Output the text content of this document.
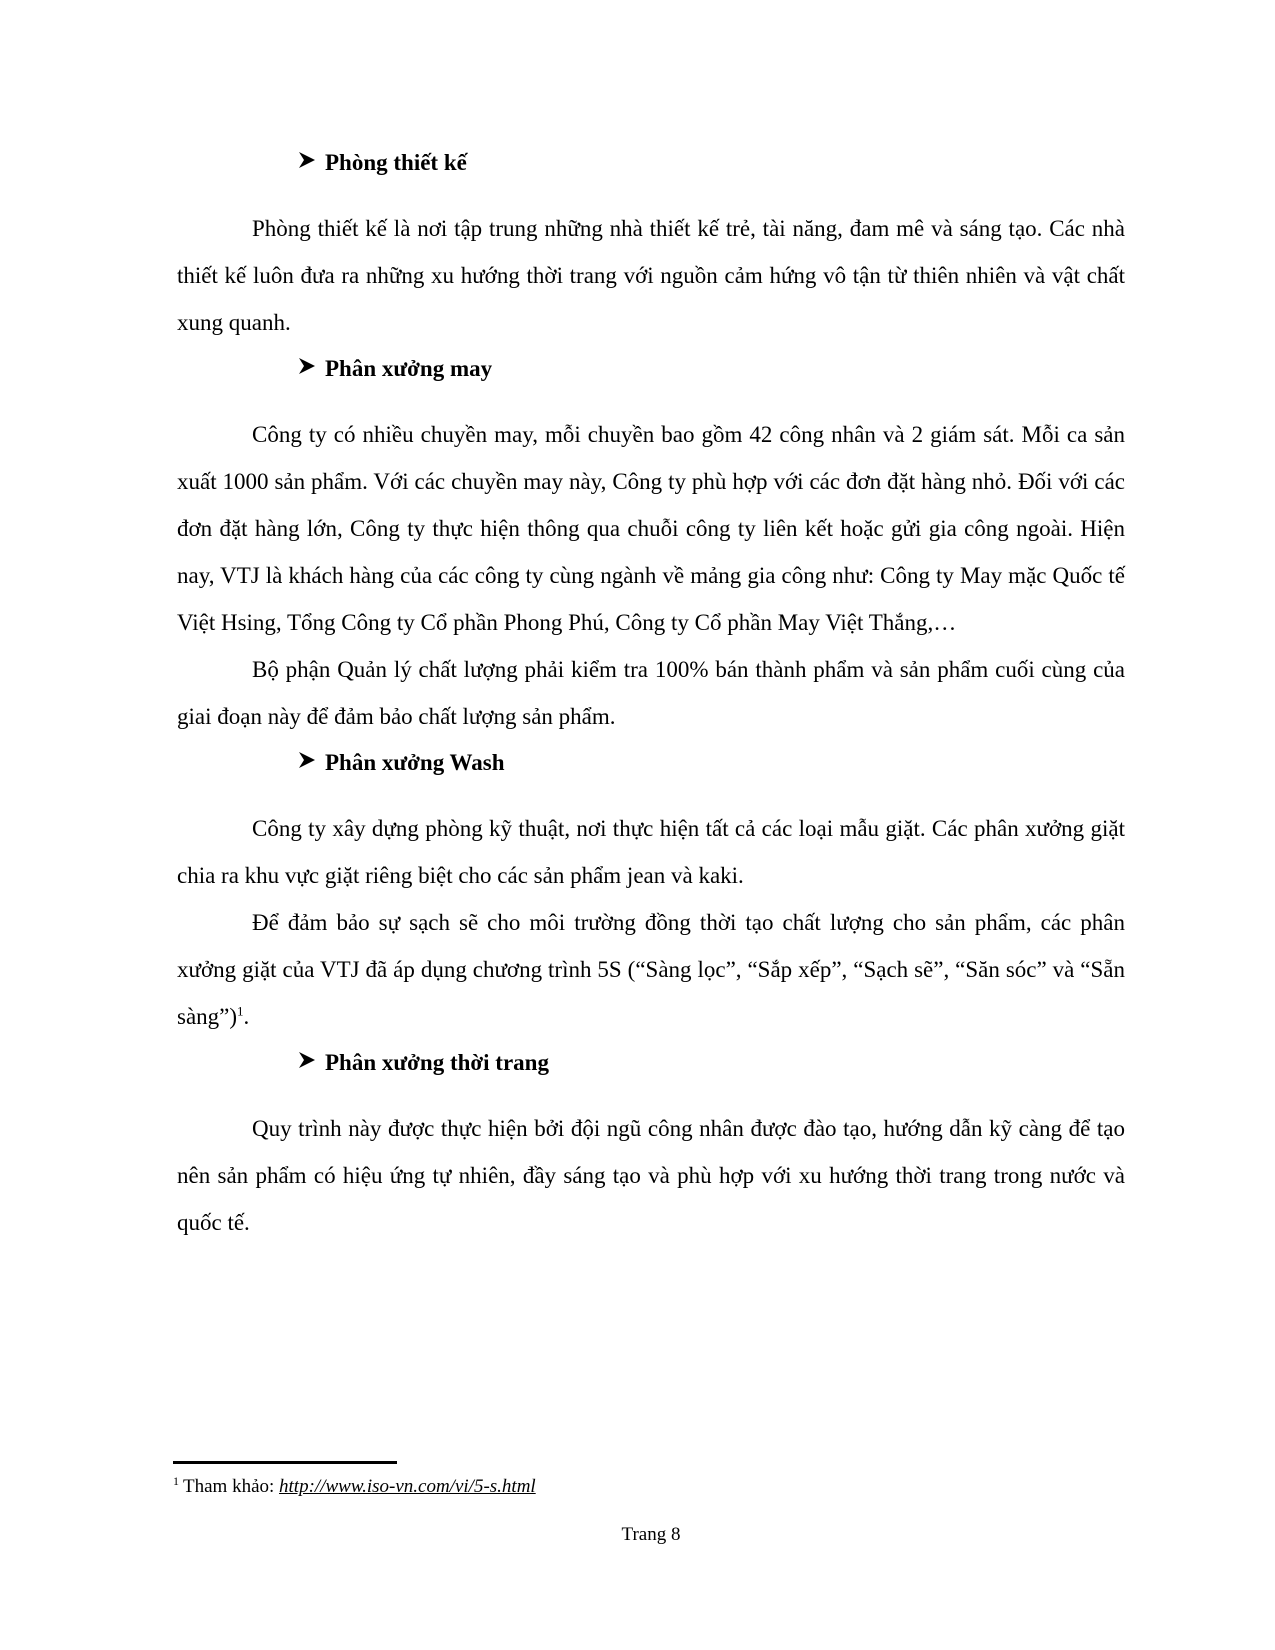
Phòng thiết kế

Phòng thiết kế là nơi tập trung những nhà thiết kế trẻ, tài năng, đam mê và sáng tạo. Các nhà thiết kế luôn đưa ra những xu hướng thời trang với nguồn cảm hứng vô tận từ thiên nhiên và vật chất xung quanh.

Phân xưởng may

Công ty có nhiều chuyền may, mỗi chuyền bao gồm 42 công nhân và 2 giám sát. Mỗi ca sản xuất 1000 sản phẩm. Với các chuyền may này, Công ty phù hợp với các đơn đặt hàng nhỏ. Đối với các đơn đặt hàng lớn, Công ty thực hiện thông qua chuỗi công ty liên kết hoặc gửi gia công ngoài. Hiện nay, VTJ là khách hàng của các công ty cùng ngành về mảng gia công như: Công ty May mặc Quốc tế Việt Hsing, Tổng Công ty Cổ phần Phong Phú, Công ty Cổ phần May Việt Thắng,…

Bộ phận Quản lý chất lượng phải kiểm tra 100% bán thành phẩm và sản phẩm cuối cùng của giai đoạn này để đảm bảo chất lượng sản phẩm.

Phân xưởng Wash

Công ty xây dựng phòng kỹ thuật, nơi thực hiện tất cả các loại mẫu giặt. Các phân xưởng giặt chia ra khu vực giặt riêng biệt cho các sản phẩm jean và kaki.

Để đảm bảo sự sạch sẽ cho môi trường đồng thời tạo chất lượng cho sản phẩm, các phân xưởng giặt của VTJ đã áp dụng chương trình 5S (“Sàng lọc”, “Sắp xếp”, “Sạch sẽ”, “Săn sóc” và “Sẵn sàng”)$^1$.

Phân xưởng thời trang

Quy trình này được thực hiện bởi đội ngũ công nhân được đào tạo, hướng dẫn kỹ càng để tạo nên sản phẩm có hiệu ứng tự nhiên, đầy sáng tạo và phù hợp với xu hướng thời trang trong nước và quốc tế.

$^1$ Tham khảo: http://www.iso-vn.com/vi/5-s.html
Trang 8
